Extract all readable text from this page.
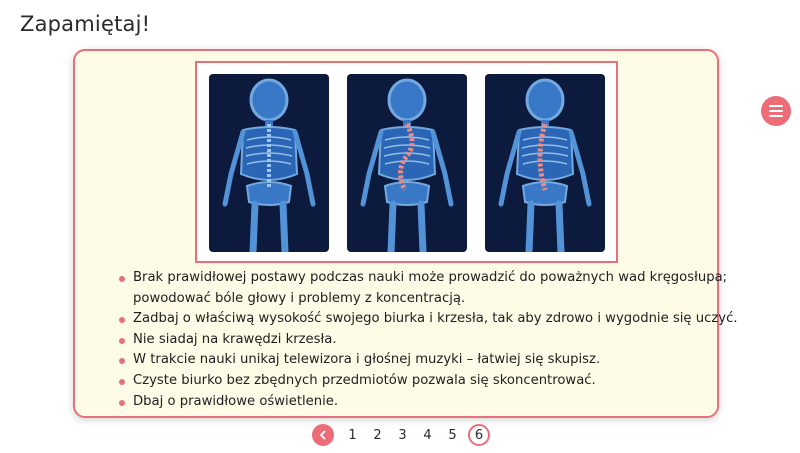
Zapamiętaj!
Brak prawidłowej postawy podczas nauki może prowadzić do poważnych wad kręgosłupa;
powodować bóle głowy i problemy z koncentracją.
Zadbaj o właściwą wysokość swojego biurka i krzesła, tak aby zdrowo i wygodnie się uczyć.
Nie siadaj na krawędzi krzesła.
W trakcie nauki unikaj telewizora i głośnej muzyki – łatwiej się skupisz.
Czyste biurko bez zbędnych przedmiotów pozwala się skoncentrować.
Dbaj o prawidłowe oświetlenie.
1	2	3	4	5	6
